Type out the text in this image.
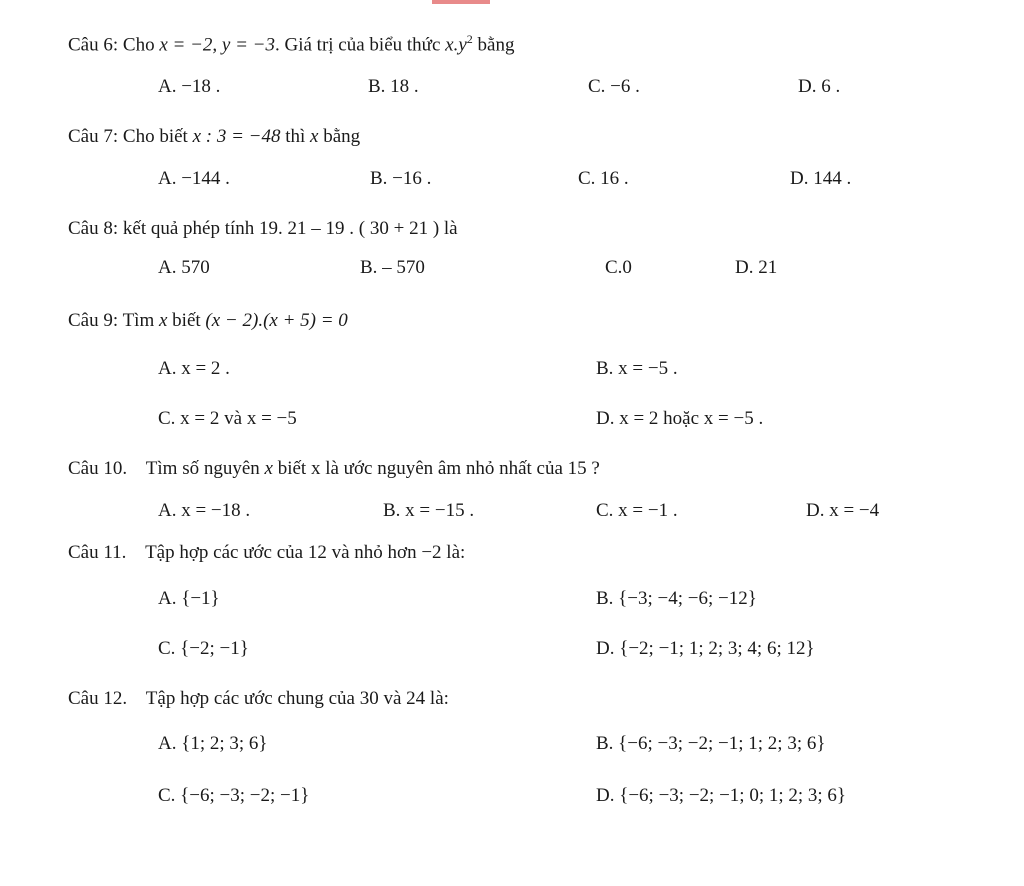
Câu 6: Cho x = −2, y = −3. Giá trị của biểu thức $x.y^2$ bằng
A. −18 .	B. 18 .	C. −6 .	D. 6 .
Câu 7: Cho biết x : 3 = −48 thì x bằng
A. −144 .	B. −16 .	C. 16 .	D. 144 .
Câu 8: kết quả phép tính 19. 21 – 19 . ( 30 + 21 ) là
A. 570	B. – 570	C.0	D. 21
Câu 9: Tìm x biết (x − 2).(x + 5) = 0
A. x = 2 .	B. x = −5 .
C. x = 2 và x = −5	D. x = 2 hoặc x = −5 .
Câu 10. Tìm số nguyên x biết x là ước nguyên âm nhỏ nhất của 15 ?
A. x = −18 .	B. x = −15 .	C. x = −1 .	D. x = −4
Câu 11. Tập hợp các ước của 12 và nhỏ hơn −2 là:
A. {−1}	B. {−3; −4; −6; −12}
C. {−2; −1}	D. {−2; −1; 1; 2; 3; 4; 6; 12}
Câu 12. Tập hợp các ước chung của 30 và 24 là:
A. {1; 2; 3; 6}	B. {−6; −3; −2; −1; 1; 2; 3; 6}
C. {−6; −3; −2; −1}	D. {−6; −3; −2; −1; 0; 1; 2; 3; 6}
